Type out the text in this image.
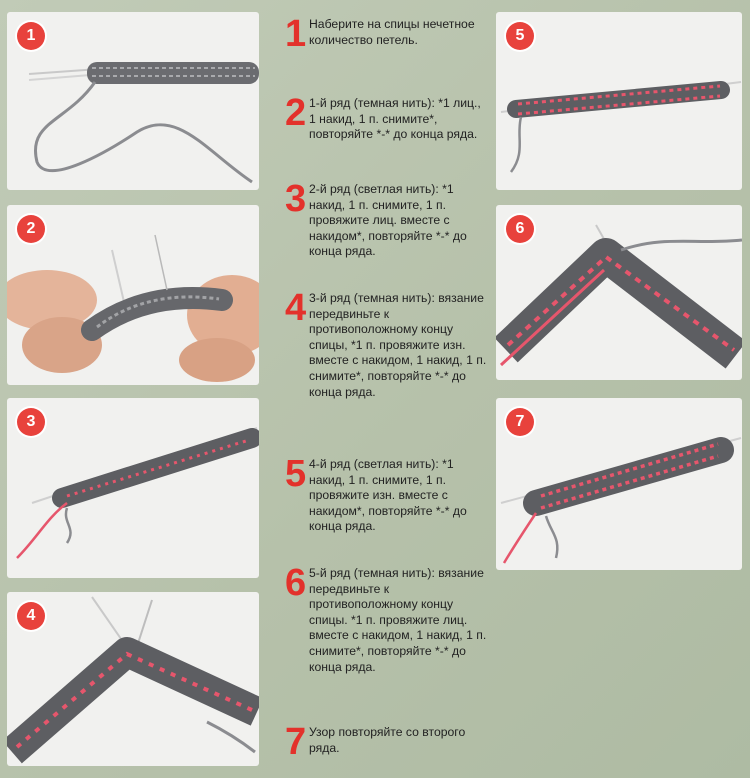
1
2
3
4
5
6
7
1 Наберите на спицы нечетное количество петель.
2 1-й ряд (темная нить): *1 лиц., 1 накид, 1 п. снимите*, повторяйте *-* до конца ряда.
3 2-й ряд (светлая нить): *1 накид, 1 п. снимите, 1 п. провяжите лиц. вместе с накидом*, повторяйте *-* до конца ряда.
4 3-й ряд (темная нить): вязание передвиньте к противоположному концу спицы, *1 п. провяжите изн. вместе с накидом, 1 накид, 1 п. снимите*, повторяйте *-* до конца ряда.
5 4-й ряд (светлая нить): *1 накид, 1 п. снимите, 1 п. провяжите изн. вместе с накидом*, повторяйте *-* до конца ряда.
6 5-й ряд (темная нить): вязание передвиньте к противоположному концу спицы. *1 п. провяжите лиц. вместе с накидом, 1 накид, 1 п. снимите*, повторяйте *-* до конца ряда.
7 Узор повторяйте со второго ряда.
